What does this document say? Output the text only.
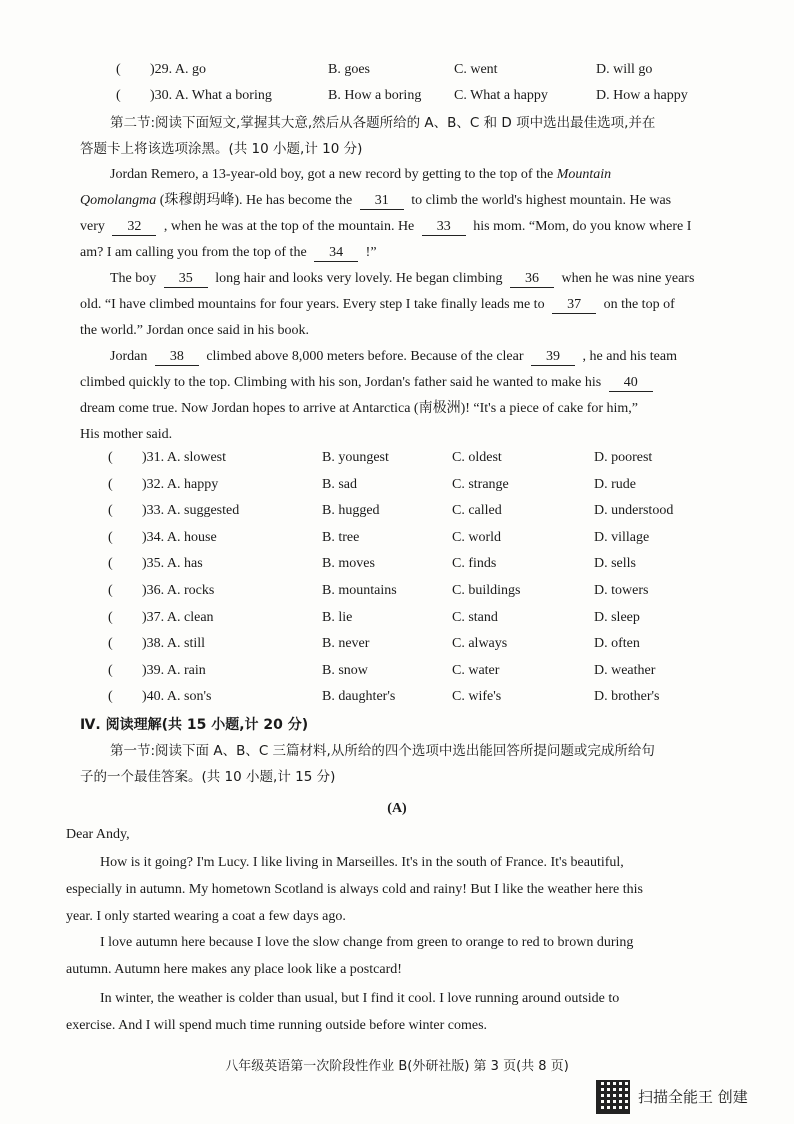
( )29. A. go	B. goes	C. went	D. will go
( )30. A. What a boring	B. How a boring C. What a happy	D. How a happy
第二节:阅读下面短文,掌握其大意,然后从各题所给的 A、B、C 和 D 项中选出最佳选项,并在
答题卡上将该选项涂黑。(共 10 小题,计 10 分)
Jordan Remero, a 13-year-old boy, got a new record by getting to the top of the Mountain
Qomolangma (珠穆朗玛峰). He has become the 31 to climb the world's highest mountain. He was
very 32 , when he was at the top of the mountain. He 33 his mom. “Mom, do you know where I
am? I am calling you from the top of the 34 !”
The boy 35 long hair and looks very lovely. He began climbing 36 when he was nine years
old. “I have climbed mountains for four years. Every step I take finally leads me to 37 on the top of
the world.” Jordan once said in his book.
Jordan 38 climbed above 8,000 meters before. Because of the clear 39 , he and his team
climbed quickly to the top. Climbing with his son, Jordan's father said he wanted to make his 40
dream come true. Now Jordan hopes to arrive at Antarctica (南极洲)! “It's a piece of cake for him,”
His mother said.
( )31. A. slowest	B. youngest	C. oldest	D. poorest
( )32. A. happy	B. sad	C. strange	D. rude
( )33. A. suggested	B. hugged	C. called	D. understood
( )34. A. house	B. tree	C. world	D. village
( )35. A. has	B. moves	C. finds	D. sells
( )36. A. rocks	B. mountains	C. buildings	D. towers
( )37. A. clean	B. lie	C. stand	D. sleep
( )38. A. still	B. never	C. always	D. often
( )39. A. rain	B. snow	C. water	D. weather
( )40. A. son's	B. daughter's	C. wife's	D. brother's
Ⅳ. 阅读理解(共 15 小题,计 20 分)
第一节:阅读下面 A、B、C 三篇材料,从所给的四个选项中选出能回答所提问题或完成所给句
子的一个最佳答案。(共 10 小题,计 15 分)
(A)
Dear Andy,
How is it going? I'm Lucy. I like living in Marseilles. It's in the south of France. It's beautiful,
especially in autumn. My hometown Scotland is always cold and rainy! But I like the weather here this
year. I only started wearing a coat a few days ago.
I love autumn here because I love the slow change from green to orange to red to brown during
autumn. Autumn here makes any place look like a postcard!
In winter, the weather is colder than usual, but I find it cool. I love running around outside to
exercise. And I will spend much time running outside before winter comes.
八年级英语第一次阶段性作业 B(外研社版) 第 3 页(共 8 页)
扫描全能王 创建
